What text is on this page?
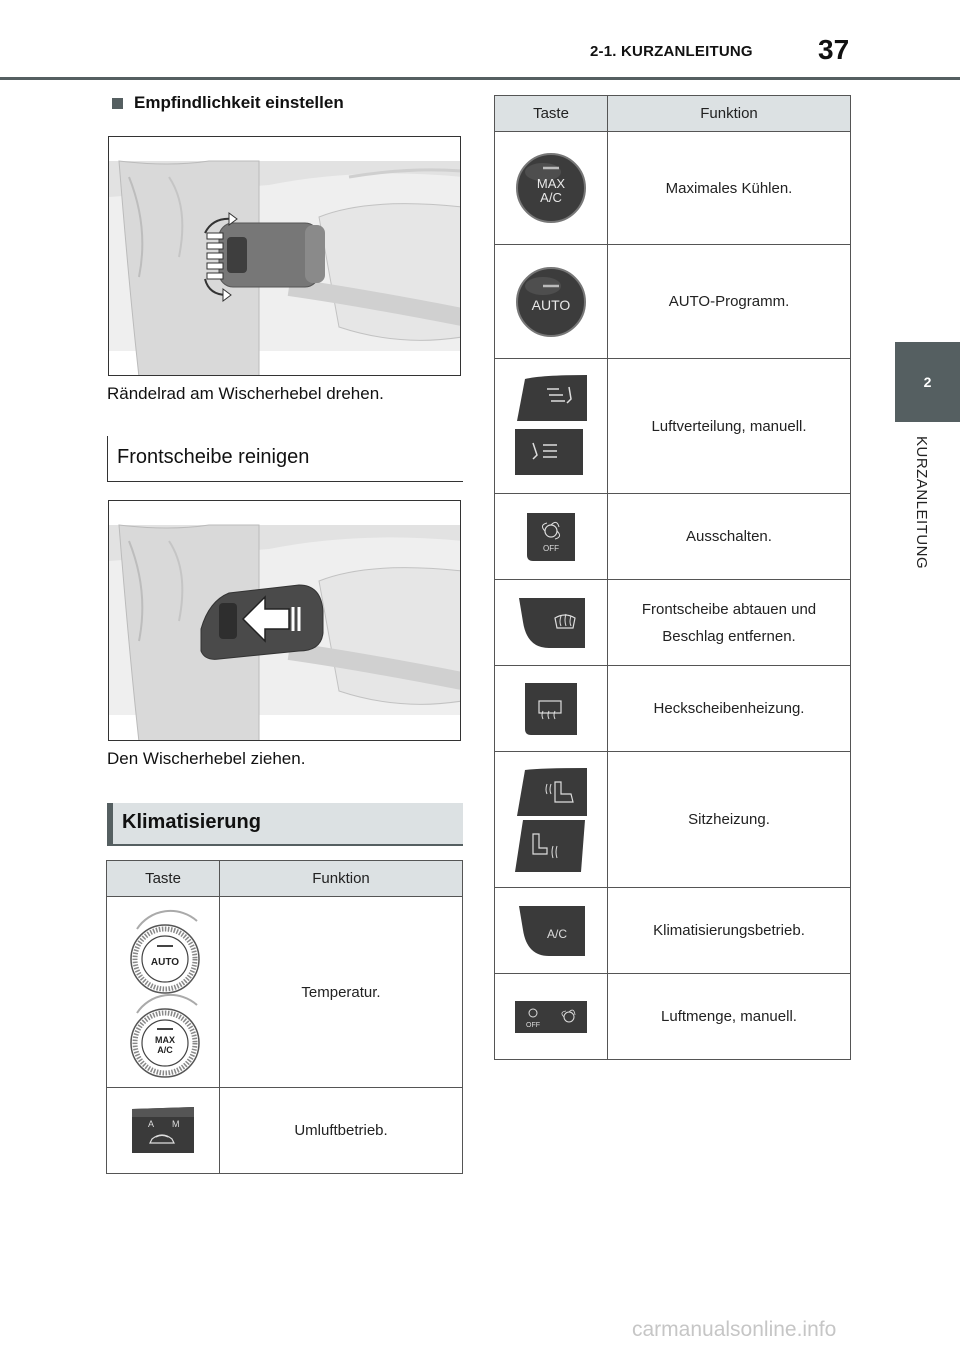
2-1. KURZANLEITUNG 37
2
KURZANLEITUNG
Empfindlichkeit einstellen
Rändelrad am Wischerhebel drehen.
Frontscheibe reinigen
Den Wischerhebel ziehen.
Klimatisierung
Taste	Funktion

AUTO
MAX
A/C	Temperatur.

A M	Umluftbetrieb.
Taste	Funktion

MAX
A/C	Maximales Kühlen.

AUTO	AUTO-Programm.

	Luftverteilung, manuell.

OFF	Ausschalten.

Frontscheibe abtauen und
Beschlag entfernen.

	Heckscheibenheizung.

	Sitzheizung.

A/C	Klimatisierungsbetrieb.

OFF	Luftmenge, manuell.
carmanualsonline.info
